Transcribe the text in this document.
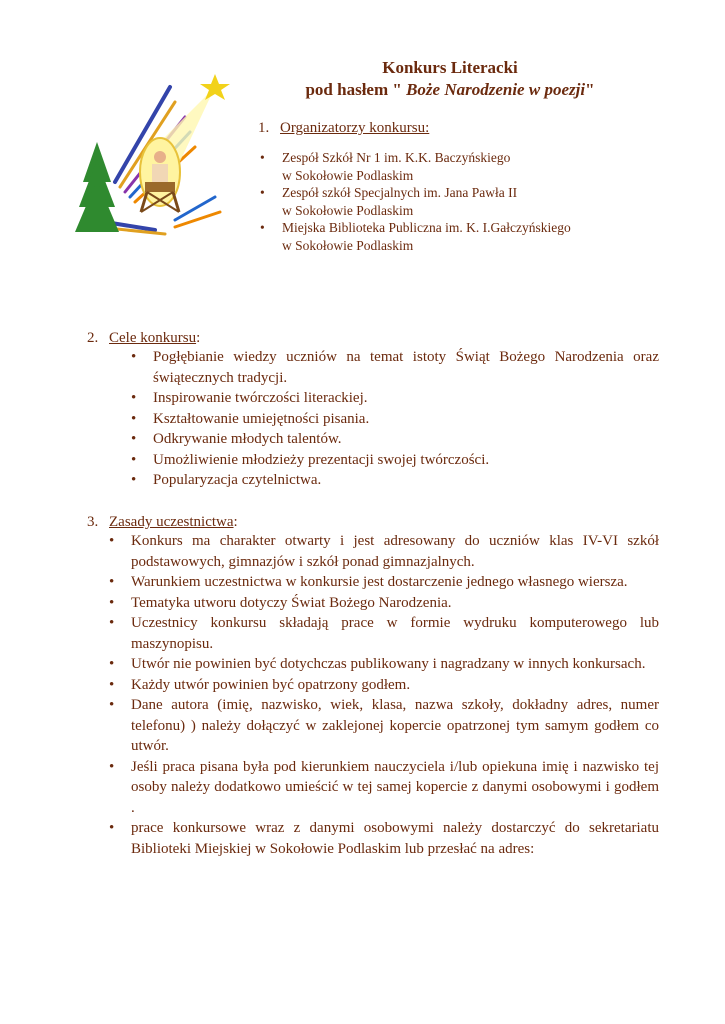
Konkurs Literacki
pod hasłem " Boże Narodzenie w poezji"
1. Organizatorzy konkursu:
•	Zespół Szkół Nr 1 im. K.K. Baczyńskiego
w Sokołowie Podlaskim
•	Zespół szkół Specjalnych im. Jana Pawła II
w Sokołowie Podlaskim
•	Miejska Biblioteka Publiczna im. K. I.Gałczyńskiego
w Sokołowie Podlaskim
2. Cele konkursu:
•	Pogłębianie wiedzy uczniów na temat istoty Świąt Bożego Narodzenia oraz świątecznych tradycji.
•	Inspirowanie twórczości literackiej.
•	Kształtowanie umiejętności pisania.
•	Odkrywanie młodych talentów.
•	Umożliwienie młodzieży prezentacji swojej twórczości.
•	Popularyzacja czytelnictwa.
3. Zasady uczestnictwa:
•	Konkurs ma charakter otwarty i jest adresowany do uczniów klas IV-VI szkół podstawowych, gimnazjów i szkół ponad gimnazjalnych.
•	Warunkiem uczestnictwa w konkursie jest dostarczenie jednego własnego wiersza.
•	Tematyka utworu dotyczy Świat Bożego Narodzenia.
•	Uczestnicy konkursu składają prace w formie wydruku komputerowego lub maszynopisu.
•	Utwór nie powinien być dotychczas publikowany i nagradzany w innych konkursach.
•	Każdy utwór powinien być opatrzony godłem.
•	Dane autora (imię, nazwisko, wiek, klasa, nazwa szkoły, dokładny adres, numer telefonu) ) należy dołączyć w zaklejonej kopercie opatrzonej tym samym godłem co utwór.
•	Jeśli praca pisana była pod kierunkiem nauczyciela i/lub opiekuna imię i nazwisko tej osoby należy dodatkowo umieścić w tej samej kopercie z danymi osobowymi i godłem .
•	prace konkursowe wraz z danymi osobowymi należy dostarczyć do sekretariatu Biblioteki Miejskiej w Sokołowie Podlaskim lub przesłać na adres:
